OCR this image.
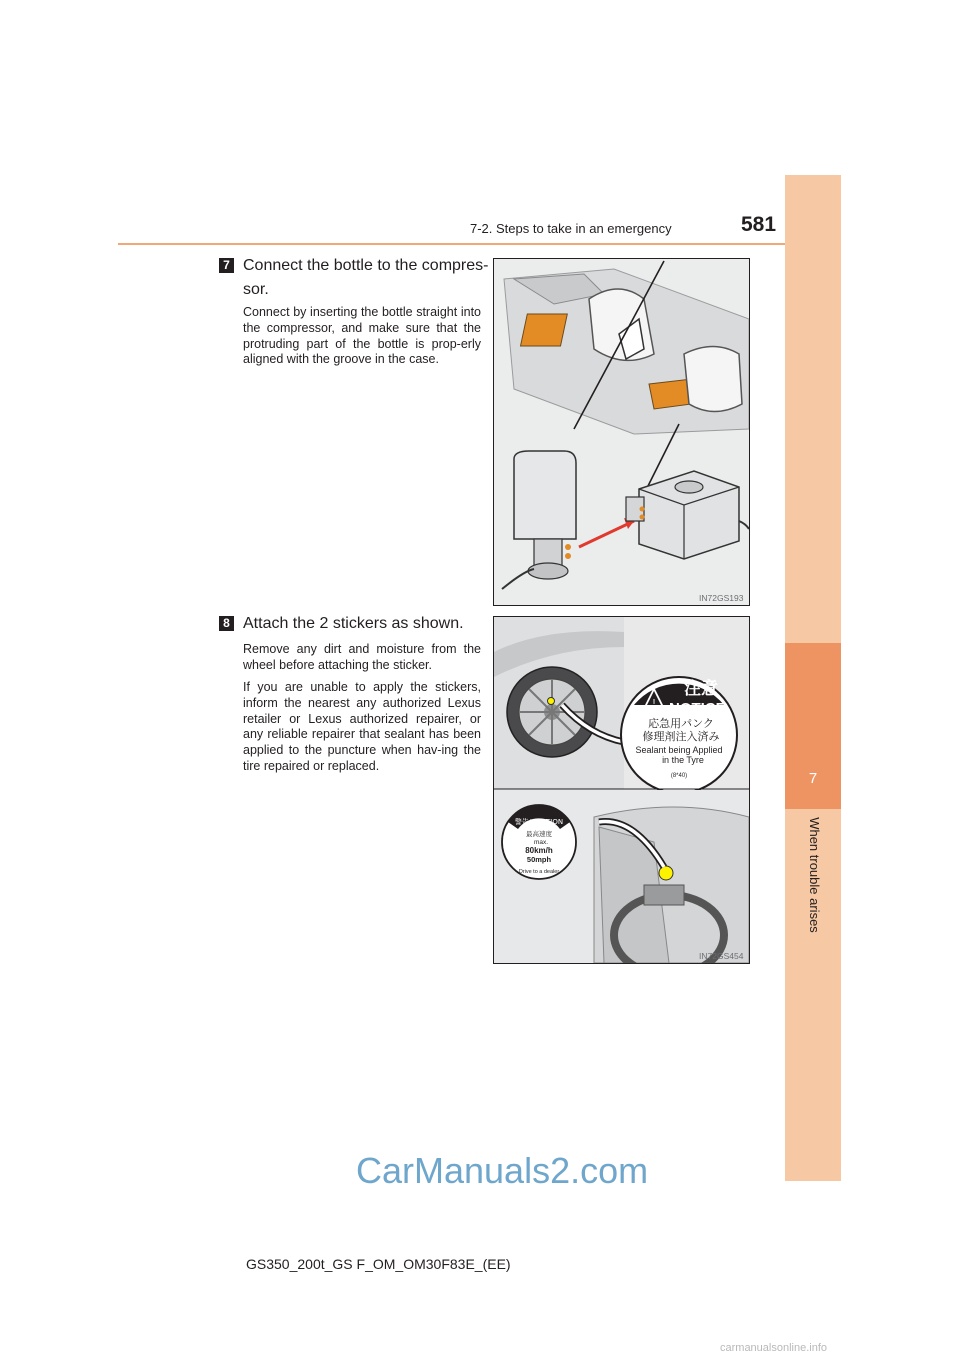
7-2. Steps to take in an emergency	581
7
When trouble arises
7 Connect the bottle to the compres-
sor.
Connect by inserting the bottle straight into the compressor, and make sure that the protruding part of the bottle is prop-erly aligned with the groove in the case.
IN72GS193
8 Attach the 2 stickers as shown.
Remove any dirt and moisture from the wheel before attaching the sticker.
If you are unable to apply the stickers, inform the nearest any authorized Lexus retailer or Lexus authorized repairer, or any reliable repairer that sealant has been applied to the puncture when hav-ing the tire repaired or replaced.
!
注意
NOTICE
応急用パンク
修理剤注入済み
Sealant being Applied
in the Tyre
(8*40)
警告/CAUTION
最高速度
max.
80km/h
50mph
Drive to a dealer
IN72GS454
GS350_200t_GS F_OM_OM30F83E_(EE)
CarManuals2.com
carmanualsonline.info
